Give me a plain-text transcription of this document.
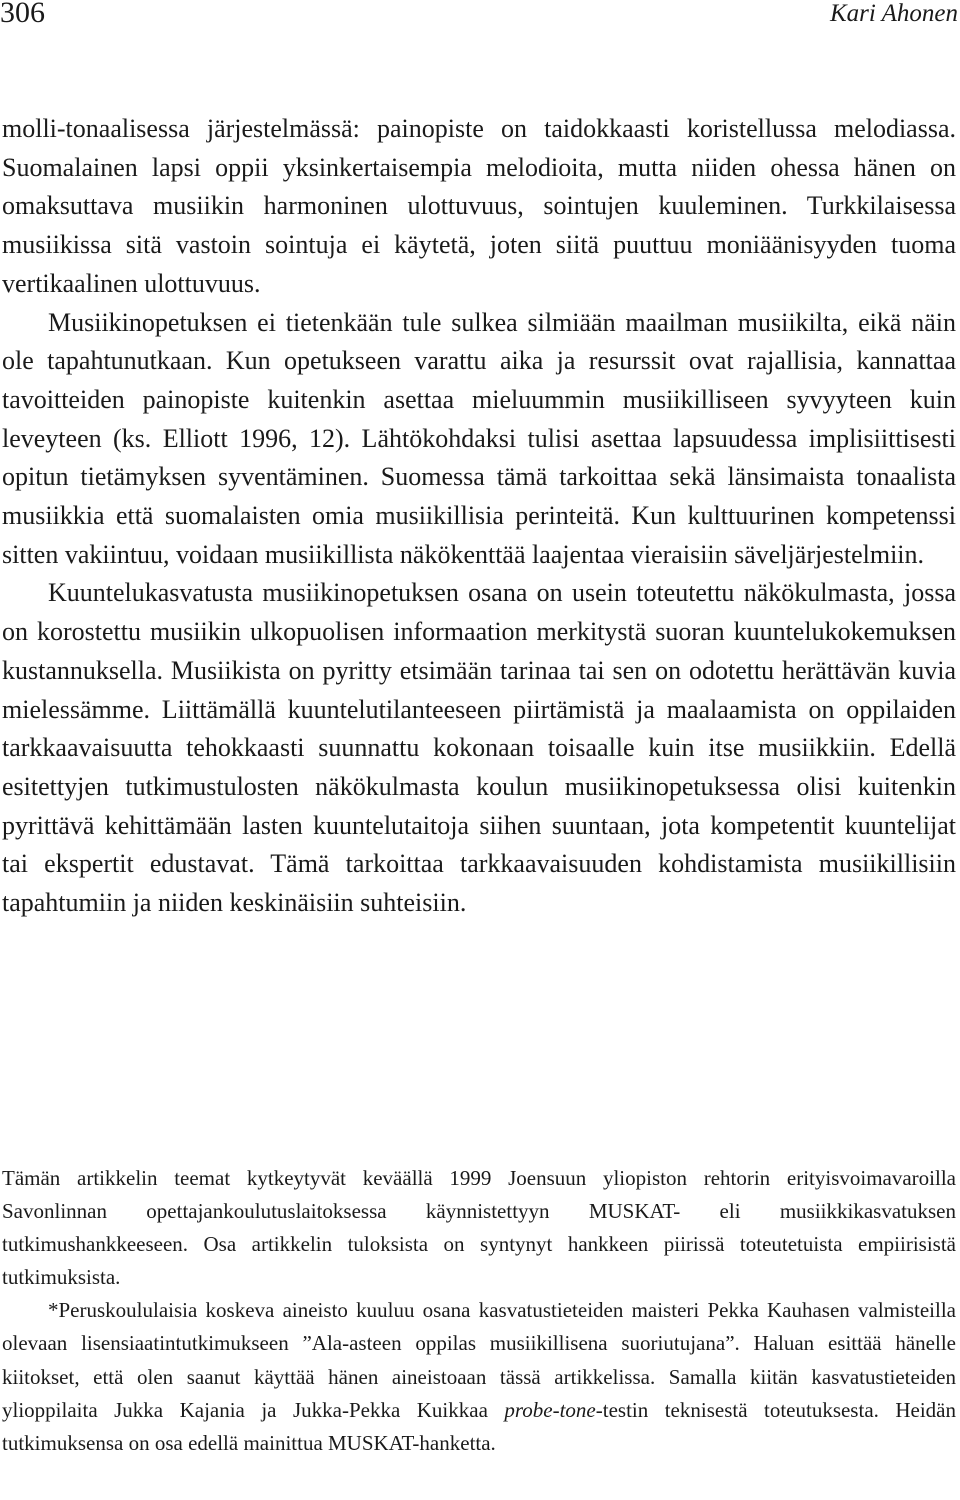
306	Kari Ahonen

molli-tonaalisessa järjestelmässä: painopiste on taidokkaasti koristellussa melodiassa. Suomalainen lapsi oppii yksinkertaisempia melodioita, mutta niiden ohessa hänen on omaksuttava musiikin harmoninen ulottuvuus, sointujen kuuleminen. Turkkilaisessa musiikissa sitä vastoin sointuja ei käytetä, joten siitä puuttuu moniäänisyyden tuoma vertikaalinen ulottuvuus.

Musiikinopetuksen ei tietenkään tule sulkea silmiään maailman musiikilta, eikä näin ole tapahtunutkaan. Kun opetukseen varattu aika ja resurssit ovat rajallisia, kannattaa tavoitteiden painopiste kuitenkin asettaa mieluummin musiikilliseen syvyyteen kuin leveyteen (ks. Elliott 1996, 12). Lähtökohdaksi tulisi asettaa lapsuudessa implisiittisesti opitun tietämyksen syventäminen. Suomessa tämä tarkoittaa sekä länsimaista tonaalista musiikkia että suomalaisten omia musiikillisia perinteitä. Kun kulttuurinen kompetenssi sitten vakiintuu, voidaan musiikillista näkökenttää laajentaa vieraisiin säveljärjestelmiin.

Kuuntelukasvatusta musiikinopetuksen osana on usein toteutettu näkökulmasta, jossa on korostettu musiikin ulkopuolisen informaation merkitystä suoran kuuntelukokemuksen kustannuksella. Musiikista on pyritty etsimään tarinaa tai sen on odotettu herättävän kuvia mielessämme. Liittämällä kuuntelutilanteeseen piirtämistä ja maalaamista on oppilaiden tarkkaavaisuutta tehokkaasti suunnattu kokonaan toisaalle kuin itse musiikkiin. Edellä esitettyjen tutkimustulosten näkökulmasta koulun musiikinopetuksessa olisi kuitenkin pyrittävä kehittämään lasten kuuntelutaitoja siihen suuntaan, jota kompetentit kuuntelijat tai ekspertit edustavat. Tämä tarkoittaa tarkkaavaisuuden kohdistamista musiikillisiin tapahtumiin ja niiden keskinäisiin suhteisiin.

Tämän artikkelin teemat kytkeytyvät keväällä 1999 Joensuun yliopiston rehtorin erityisvoimavaroilla Savonlinnan opettajankoulutuslaitoksessa käynnistettyyn MUSKAT- eli musiikkikasvatuksen tutkimushankkeeseen. Osa artikkelin tuloksista on syntynyt hankkeen piirissä toteutetuista empiirisistä tutkimuksista.

*Peruskoululaisia koskeva aineisto kuuluu osana kasvatustieteiden maisteri Pekka Kauhasen valmisteilla olevaan lisensiaatintutkimukseen ”Ala-asteen oppilas musiikillisena suoriutujana”. Haluan esittää hänelle kiitokset, että olen saanut käyttää hänen aineistoaan tässä artikkelissa. Samalla kiitän kasvatustieteiden ylioppilaita Jukka Kajania ja Jukka-Pekka Kuikkaa probe-tone-testin teknisestä toteutuksesta. Heidän tutkimuksensa on osa edellä mainittua MUSKAT-hanketta.
